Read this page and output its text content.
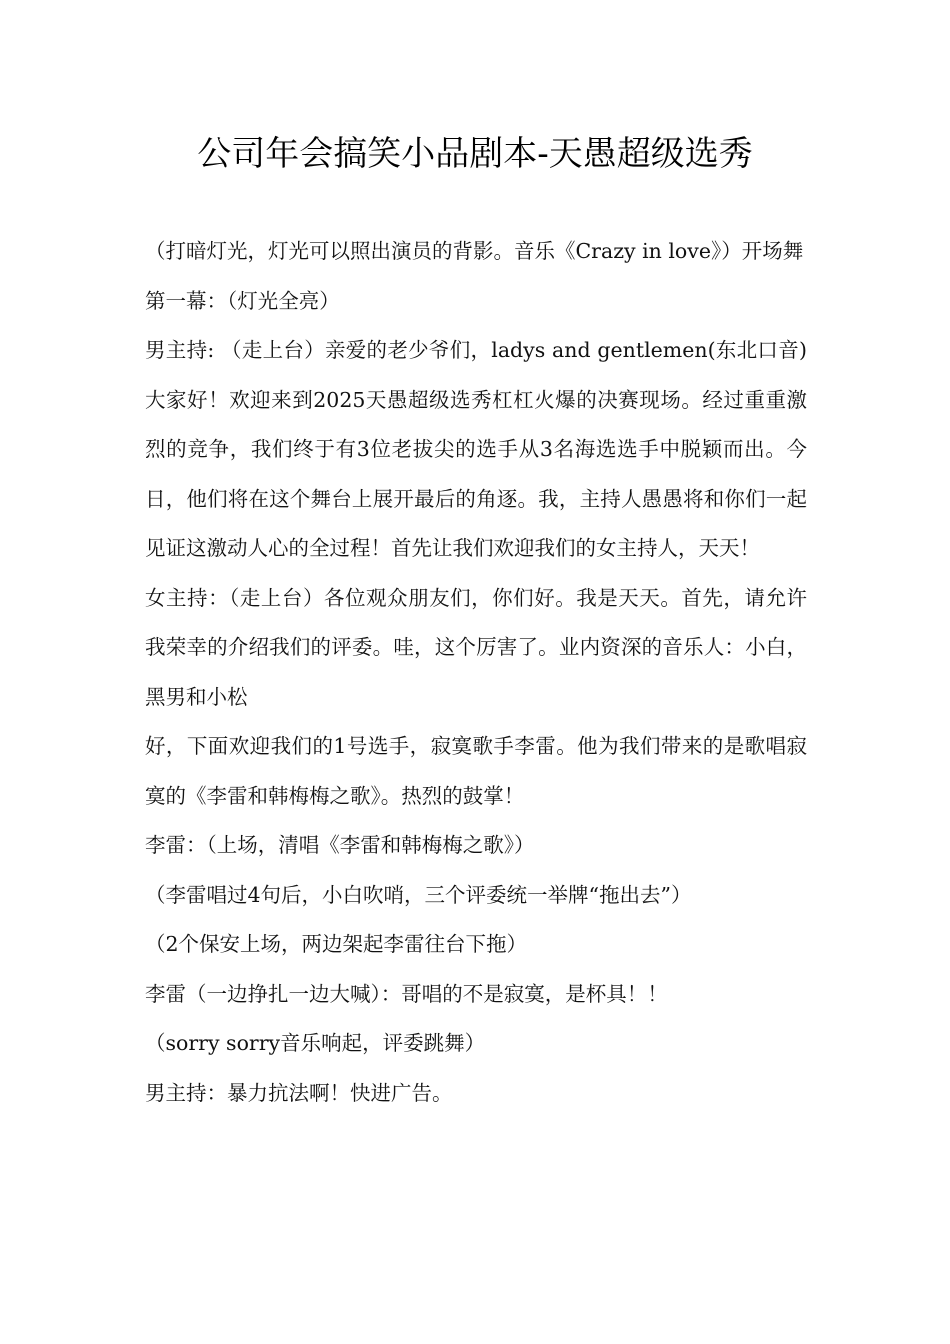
公司年会搞笑小品剧本-天愚超级选秀

（打暗灯光，灯光可以照出演员的背影。音乐《Crazy in love》）开场舞

第一幕：（灯光全亮）

男主持: （走上台）亲爱的老少爷们，ladys and gentlemen(东北口音) 大家好！欢迎来到2025天愚超级选秀杠杠火爆的决赛现场。经过重重激烈的竞争，我们终于有3位老拔尖的选手从3名海选选手中脱颖而出。今日，他们将在这个舞台上展开最后的角逐。我，主持人愚愚将和你们一起见证这激动人心的全过程！首先让我们欢迎我们的女主持人，天天！

女主持：（走上台）各位观众朋友们，你们好。我是天天。首先，请允许我荣幸的介绍我们的评委。哇，这个厉害了。业内资深的音乐人：小白，黑男和小松

好，下面欢迎我们的1号选手，寂寞歌手李雷。他为我们带来的是歌唱寂寞的《李雷和韩梅梅之歌》。热烈的鼓掌！

李雷：（上场，清唱《李雷和韩梅梅之歌》）

（李雷唱过4句后，小白吹哨，三个评委统一举牌“拖出去”）

（2个保安上场，两边架起李雷往台下拖）

李雷（一边挣扎一边大喊）：哥唱的不是寂寞，是杯具！！

（sorry sorry音乐响起，评委跳舞）

男主持：暴力抗法啊！快进广告。
